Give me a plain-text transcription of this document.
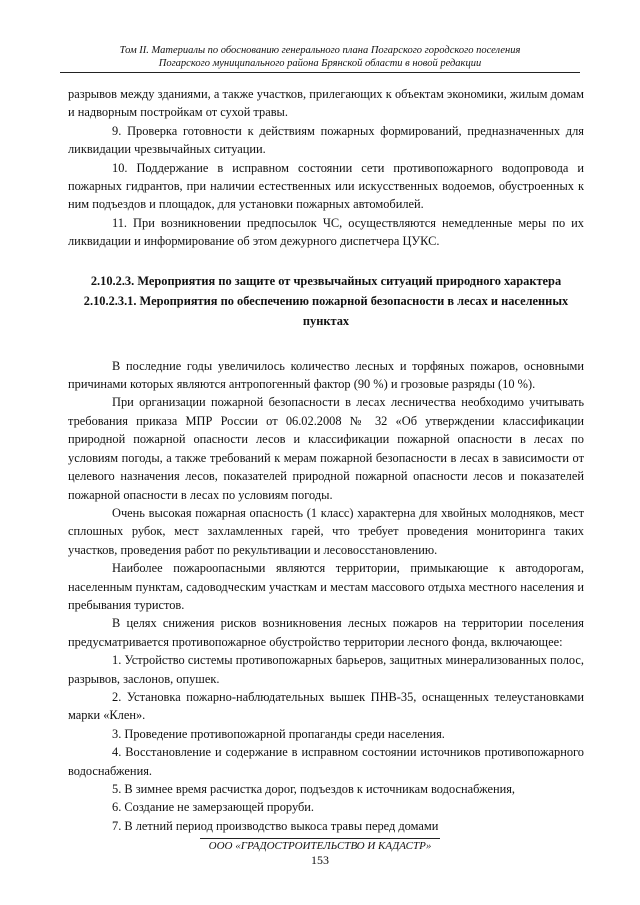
Том II. Материалы по обоснованию генерального плана Погарского городского поселения
Погарского муниципального района Брянской области в новой редакции

разрывов между зданиями, а также участков, прилегающих к объектам экономики, жилым домам и надворным постройкам от сухой травы.

9. Проверка готовности к действиям пожарных формирований, предназначенных для ликвидации чрезвычайных ситуации.

10. Поддержание в исправном состоянии сети противопожарного водопровода и пожарных гидрантов, при наличии естественных или искусственных водоемов, обустроенных к ним подъездов и площадок, для установки пожарных автомобилей.

11. При возникновении предпосылок ЧС, осуществляются немедленные меры по их ликвидации и информирование об этом дежурного диспетчера ЦУКС.

2.10.2.3. Мероприятия по защите от чрезвычайных ситуаций природного характера
2.10.2.3.1. Мероприятия по обеспечению пожарной безопасности в лесах и населенных пунктах

В последние годы увеличилось количество лесных и торфяных пожаров, основными причинами которых являются антропогенный фактор (90 %) и грозовые разряды (10 %).

При организации пожарной безопасности в лесах лесничества необходимо учитывать требования приказа МПР России от 06.02.2008 № 32 «Об утверждении классификации природной пожарной опасности лесов и классификации пожарной опасности в лесах по условиям погоды, а также требований к мерам пожарной безопасности в лесах в зависимости от целевого назначения лесов, показателей природной пожарной опасности лесов и показателей пожарной опасности в лесах по условиям погоды.

Очень высокая пожарная опасность (1 класс) характерна для хвойных молодняков, мест сплошных рубок, мест захламленных гарей, что требует проведения мониторинга таких участков, проведения работ по рекультивации и лесовосстановлению.

Наиболее пожароопасными являются территории, примыкающие к автодорогам, населенным пунктам, садоводческим участкам и местам массового отдыха местного населения и пребывания туристов.

В целях снижения рисков возникновения лесных пожаров на территории поселения предусматривается противопожарное обустройство территории лесного фонда, включающее:

1. Устройство системы противопожарных барьеров, защитных минерализованных полос, разрывов, заслонов, опушек.

2. Установка пожарно-наблюдательных вышек ПНВ-35, оснащенных телеустановками марки «Клен».

3. Проведение противопожарной пропаганды среди населения.

4. Восстановление и содержание в исправном состоянии источников противопожарного водоснабжения.

5. В зимнее время расчистка дорог, подъездов к источникам водоснабжения,

6. Создание не замерзающей проруби.

7. В летний период производство выкоса травы перед домами

ООО «ГРАДОСТРОИТЕЛЬСТВО И КАДАСТР»
153
